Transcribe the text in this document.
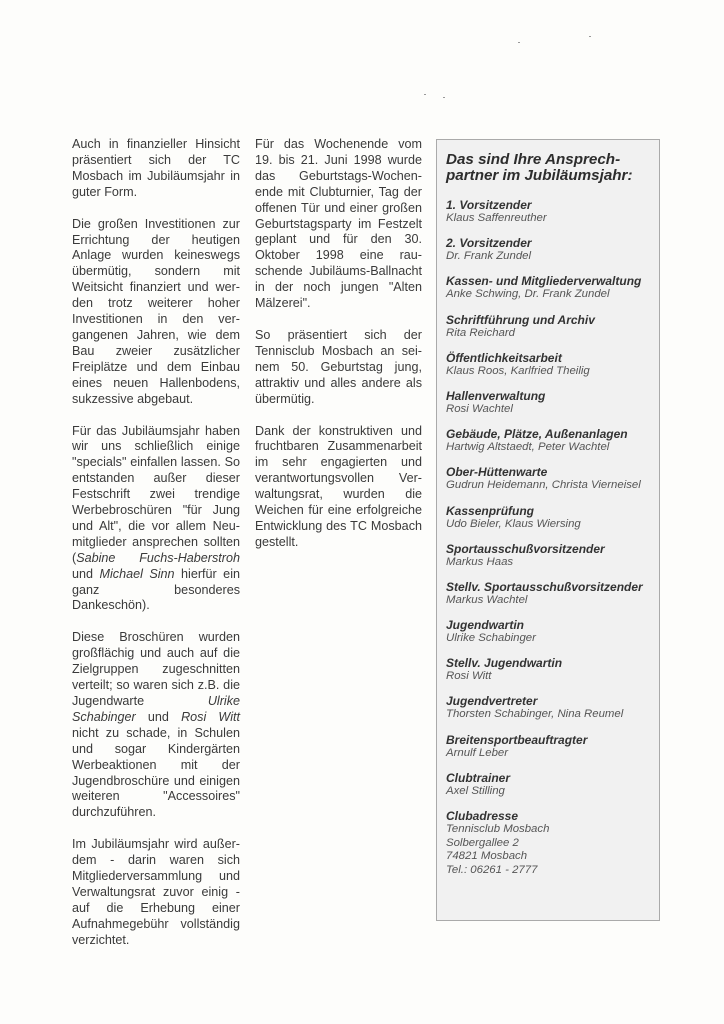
Auch in finanzieller Hinsicht präsentiert sich der TC Mosbach im Jubiläumsjahr in guter Form.

Die großen Investitionen zur Errichtung der heutigen Anlage wurden keineswegs übermütig, sondern mit Weitsicht finanziert und werden trotz weiterer hoher Investitionen in den vergangenen Jahren, wie dem Bau zweier zusätzlicher Freiplätze und dem Einbau eines neuen Hallenbodens, sukzessive abgebaut.

Für das Jubiläumsjahr haben wir uns schließlich einige "specials" einfallen lassen. So entstanden außer dieser Festschrift zwei trendige Werbebroschüren "für Jung und Alt", die vor allem Neumitglieder ansprechen sollten (Sabine Fuchs-Haberstroh und Michael Sinn hierfür ein ganz besonderes Dankeschön).

Diese Broschüren wurden großflächig und auch auf die Zielgruppen zugeschnitten verteilt; so waren sich z.B. die Jugendwarte Ulrike Schabinger und Rosi Witt nicht zu schade, in Schulen und sogar Kindergärten Werbeaktionen mit der Jugendbroschüre und einigen weiteren "Accessoires" durchzuführen.

Im Jubiläumsjahr wird außerdem - darin waren sich Mitgliederversammlung und Verwaltungsrat zuvor einig - auf die Erhebung einer Aufnahmegebühr vollständig verzichtet.

Für das Wochenende vom 19. bis 21. Juni 1998 wurde das Geburtstags-Wochenende mit Clubturnier, Tag der offenen Tür und einer großen Geburtstagsparty im Festzelt geplant und für den 30. Oktober 1998 eine rauschende Jubiläums-Ballnacht in der noch jungen "Alten Mälzerei".

So präsentiert sich der Tennisclub Mosbach an seinem 50. Geburtstag jung, attraktiv und alles andere als übermütig.

Dank der konstruktiven und fruchtbaren Zusammenarbeit im sehr engagierten und verantwortungsvollen Verwaltungsrat, wurden die Weichen für eine erfolgreiche Entwicklung des TC Mosbach gestellt.

Das sind Ihre Ansprech-
partner im Jubiläumsjahr:
1. Vorsitzender
Klaus Saffenreuther
2. Vorsitzender
Dr. Frank Zundel
Kassen- und Mitgliederverwaltung
Anke Schwing, Dr. Frank Zundel
Schriftführung und Archiv
Rita Reichard
Öffentlichkeitsarbeit
Klaus Roos, Karlfried Theilig
Hallenverwaltung
Rosi Wachtel
Gebäude, Plätze, Außenanlagen
Hartwig Altstaedt, Peter Wachtel
Ober-Hüttenwarte
Gudrun Heidemann, Christa Vierneisel
Kassenprüfung
Udo Bieler, Klaus Wiersing
Sportausschußvorsitzender
Markus Haas
Stellv. Sportausschußvorsitzender
Markus Wachtel
Jugendwartin
Ulrike Schabinger
Stellv. Jugendwartin
Rosi Witt
Jugendvertreter
Thorsten Schabinger, Nina Reumel
Breitensportbeauftragter
Arnulf Leber
Clubtrainer
Axel Stilling
Clubadresse
Tennisclub Mosbach
Solbergallee 2
74821 Mosbach
Tel.: 06261 - 2777
